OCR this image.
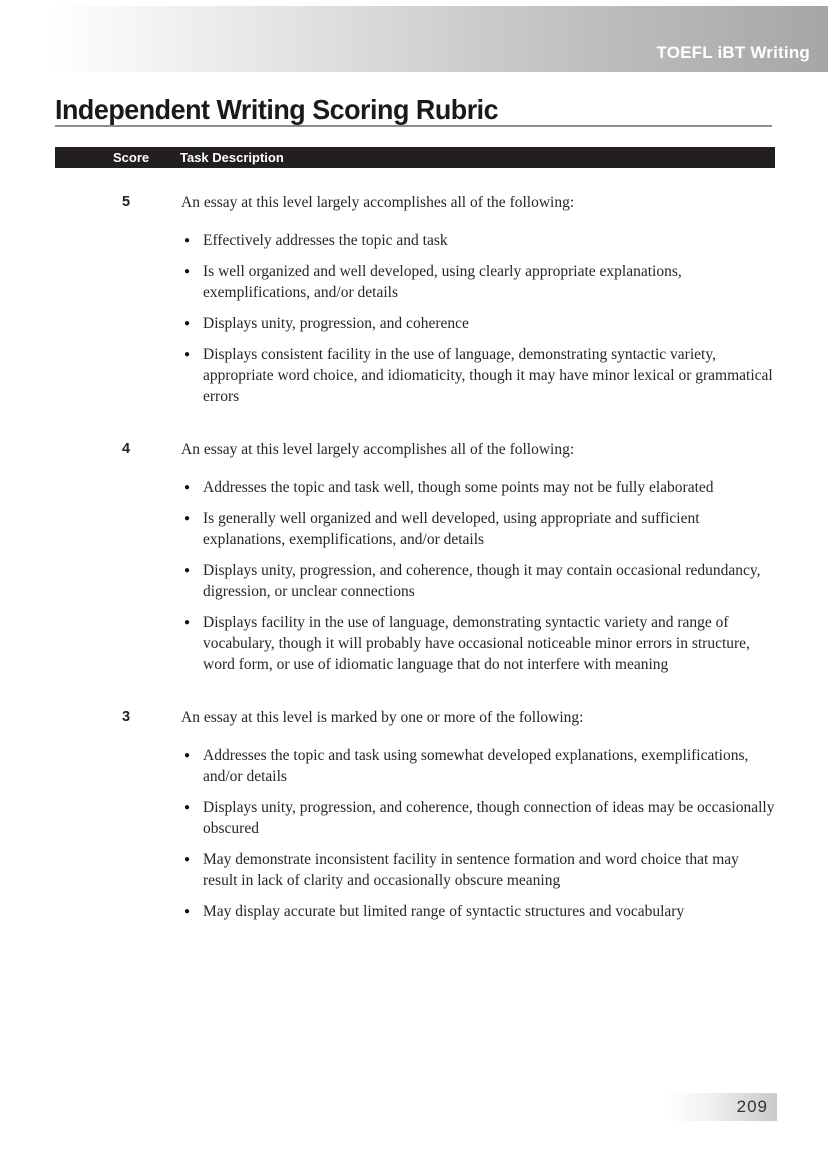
TOEFL iBT Writing
Independent Writing Scoring Rubric
Score Task Description
5	An essay at this level largely accomplishes all of the following:

● Effectively addresses the topic and task
● Is well organized and well developed, using clearly appropriate explanations, exemplifications, and/or details
● Displays unity, progression, and coherence
● Displays consistent facility in the use of language, demonstrating syntactic variety, appropriate word choice, and idiomaticity, though it may have minor lexical or grammatical errors
4	An essay at this level largely accomplishes all of the following:

● Addresses the topic and task well, though some points may not be fully elaborated
● Is generally well organized and well developed, using appropriate and sufficient explanations, exemplifications, and/or details
● Displays unity, progression, and coherence, though it may contain occasional redundancy, digression, or unclear connections
● Displays facility in the use of language, demonstrating syntactic variety and range of vocabulary, though it will probably have occasional noticeable minor errors in structure, word form, or use of idiomatic language that do not interfere with meaning
3	An essay at this level is marked by one or more of the following:

● Addresses the topic and task using somewhat developed explanations, exemplifications, and/or details
● Displays unity, progression, and coherence, though connection of ideas may be occasionally obscured
● May demonstrate inconsistent facility in sentence formation and word choice that may result in lack of clarity and occasionally obscure meaning
● May display accurate but limited range of syntactic structures and vocabulary
209
